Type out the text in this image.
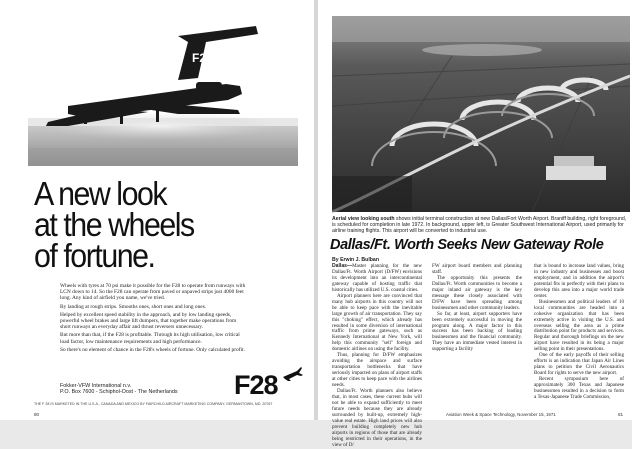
F28
A new look
at the wheels
of fortune.

Wheels with tyres at 70 psi make it possible for the F28 to operate from runways with LCN down to 14. So the F28 can operate from paved or unpaved strips just 4000 feet long. Any kind of airfield you name, we've tried.

By landing at rough strips. Smooths ones, short ones and long ones.

Helped by excellent speed stability in the approach, and by low landing speeds, powerful wheel brakes and large lift dumpers, that together make operations from short runways an everyday affair and thrust reversers unnecessary.

But more than that, if the F28 is profitable. Through its high utilisation, low critical load factor, low maintenance requirements and high performance.

So there's no element of chance in the F28's wheels of fortune. Only calculated profit.

Fokker-VFW International n.v.
P.O. Box 7600 - Schiphol-Oost - The Netherlands	F28
THE F 28 IS MARKETED IN THE U.S.A., CANADA AND MEXICO BY FAIRCHILD AIRCRAFT MARKETING COMPANY, GERMANTOWN, MD. 20767
80
Aerial view looking south shows initial terminal construction at new Dallas/Fort Worth Airport. Braniff building, right foreground, is scheduled for completion in late 1972. In background, upper left, is Greater Southwest International Airport, used primarily for airline training flights. This airport will be converted to industrial use.
Dallas/Ft. Worth Seeks New Gateway Role
By Erwin J. Bulban

Dallas—Master planning for the new Dallas/Ft. Worth Airport (D/FW) envisions its development into an intercontinental gateway capable of hosting traffic that historically has utilized U.S. coastal cities.

Airport planners here are convinced that many hub airports in this country will not be able to keep pace with the inevitable large growth of air transportation. They say this "choking" effect, which already has resulted in some diversion of international traffic from prime gateways, such as Kennedy International at New York, will help this community "sell" foreign and domestic airlines on using the facility.

Thus, planning for D/FW emphasizes avoiding the airspace and surface transportation bottlenecks that have seriously impacted on plans of airport staffs at other cities to keep pace with the airlines needs.

Dallas/Ft. Worth planners also believe that, in most cases, these current hubs will not be able to expand sufficiently to meet future needs because they are already surrounded by built-up, extremely high-value real estate. High land prices will also prevent building completely new hub airports in regions of those that are already being restricted in their operations, in the view of D/

FW airport board members and planning staff.

The opportunity this presents the Dallas/Ft. Worth communities to become a major inland air gateway is the key message these closely associated with D/FW have been spreading among businessmen and other community leaders.

So far, at least, airport supporters have been extremely successful in moving the program along. A major factor in this success has been backing of leading businessmen and the financial community. They have an immediate vested interest in supporting a facility

that is bound to increase land values, bring in new industry and businesses and boost employment, and in addition the airport's potential fits in perfectly with their plans to develop this area into a major world trade center.

Businessmen and political leaders of 10 local communities are headed into a cohesive organization that has been extremely active in visiting the U.S. and overseas selling the area as a prime distribution point for products and services. Regular and thorough briefings on the new airport have resulted in its being a major selling point in their presentations.

One of the early payoffs of their selling efforts is an indication that Japan Air Lines plans to petition the Civil Aeronautics Board for rights to serve the new airport.

Recent symposium here of approximately 300 Texas and Japanese businessmen resulted in a decision to form a Texas-Japanese Trade Commission,

Aviation Week & Space Technology, November 15, 1971	81
